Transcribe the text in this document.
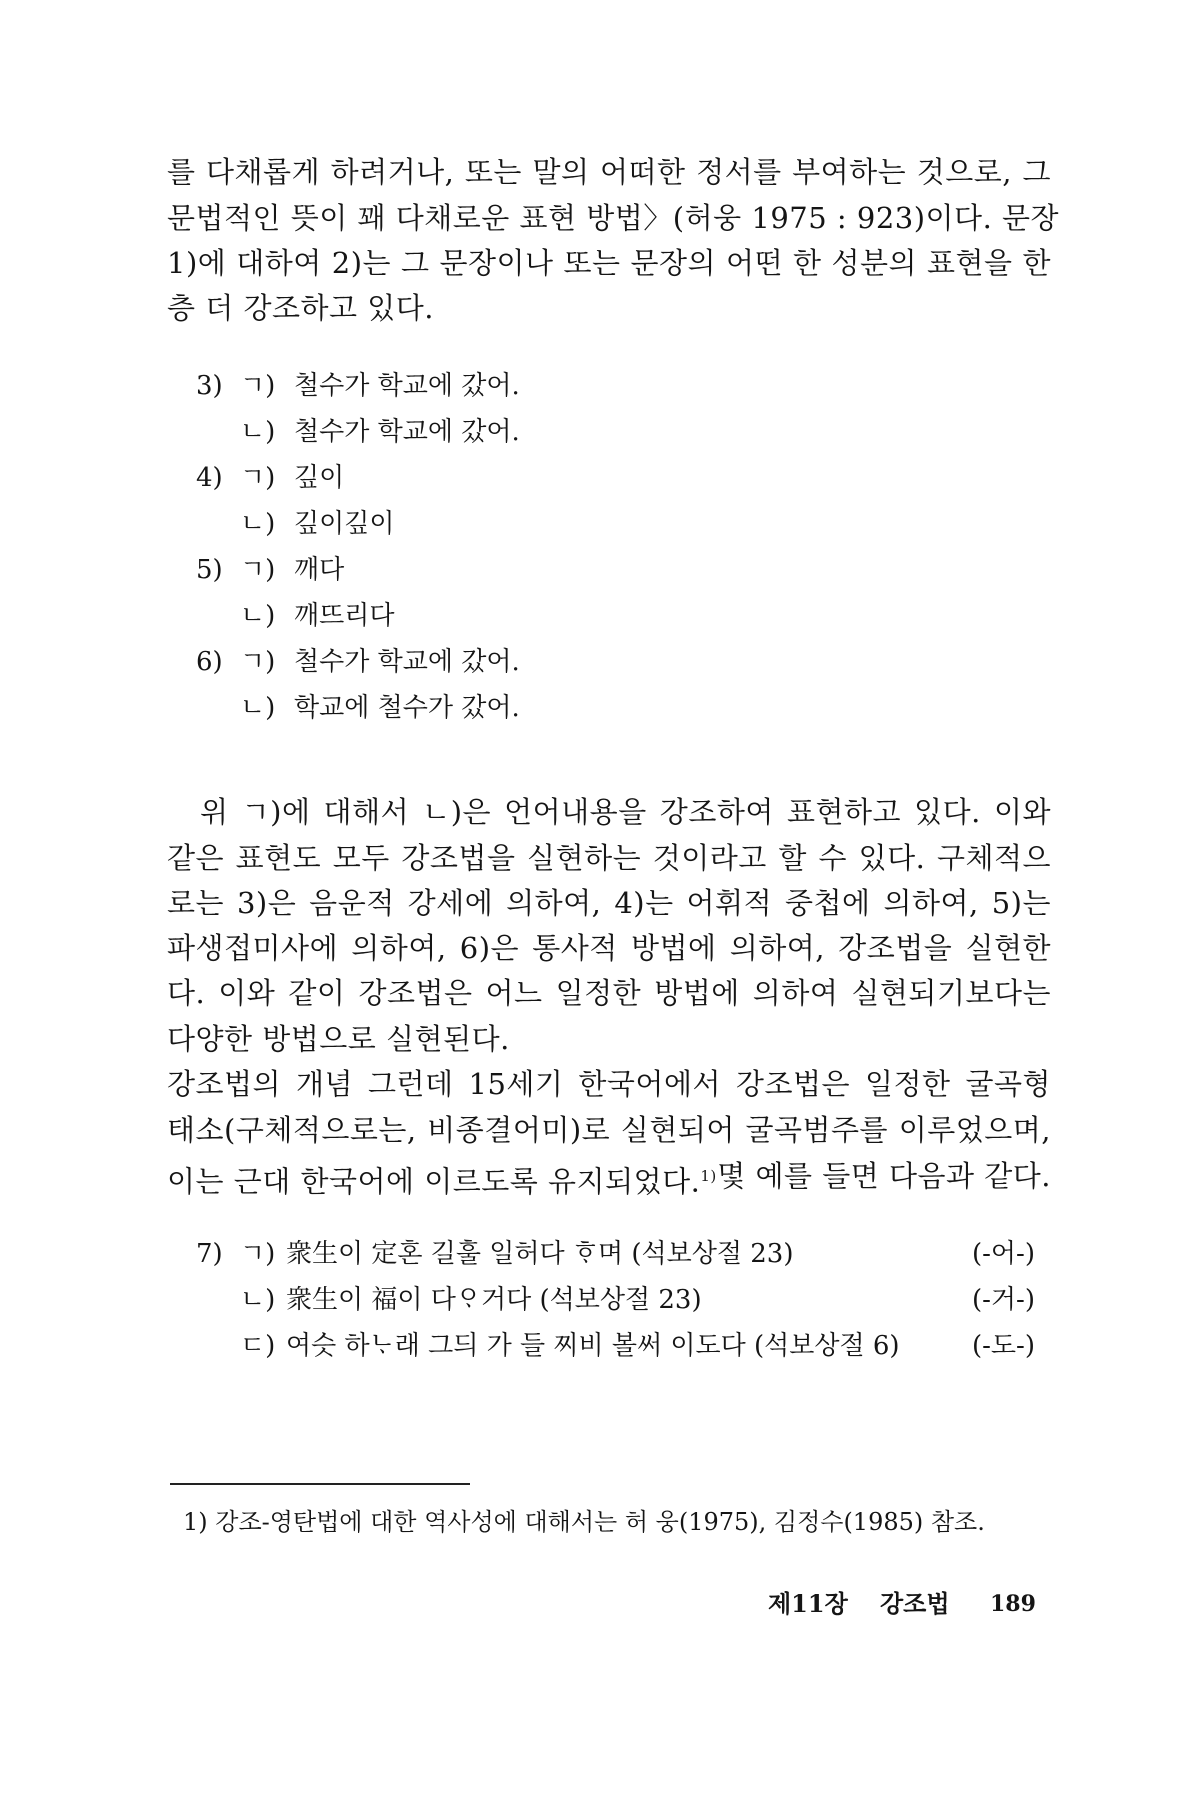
를 다채롭게 하려거나, 또는 말의 어떠한 정서를 부여하는 것으로, 그
문법적인 뜻이 꽤 다채로운 표현 방법〉(허웅 1975 : 923)이다. 문장
1)에 대하여 2)는 그 문장이나 또는 문장의 어떤 한 성분의 표현을 한
층 더 강조하고 있다.
3) ㄱ) 철수가 학교에 갔어.
ㄴ) 철수가 학교에 갔어.
4) ㄱ) 깊이
ㄴ) 깊이깊이
5) ㄱ) 깨다
ㄴ) 깨뜨리다
6) ㄱ) 철수가 학교에 갔어.
ㄴ) 학교에 철수가 갔어.
위 ㄱ)에 대해서 ㄴ)은 언어내용을 강조하여 표현하고 있다. 이와
같은 표현도 모두 강조법을 실현하는 것이라고 할 수 있다. 구체적으
로는 3)은 음운적 강세에 의하여, 4)는 어휘적 중첩에 의하여, 5)는
파생접미사에 의하여, 6)은 통사적 방법에 의하여, 강조법을 실현한
다. 이와 같이 강조법은 어느 일정한 방법에 의하여 실현되기보다는
다양한 방법으로 실현된다.
강조법의 개념 그런데 15세기 한국어에서 강조법은 일정한 굴곡형
태소(구체적으로는, 비종결어미)로 실현되어 굴곡범주를 이루었으며,
이는 근대 한국어에 이르도록 유지되었다.$^{1)}$ 몇 예를 들면 다음과 같다.
7) ㄱ) 衆生이 定혼 길훌 일허다 ᄒᆞ며 (석보상절 23)	(-어-)
ㄴ) 衆生이 福이 다ᄋᆞ거다 (석보상절 23)	(-거-)
ㄷ) 여슷 하ᄂᆞ래 그듸 가 들 찌비 볼써 이도다 (석보상절 6)	(-도-)
1) 강조-영탄법에 대한 역사성에 대해서는 허 웅(1975), 김정수(1985) 참조.
제11장 강조법 189
